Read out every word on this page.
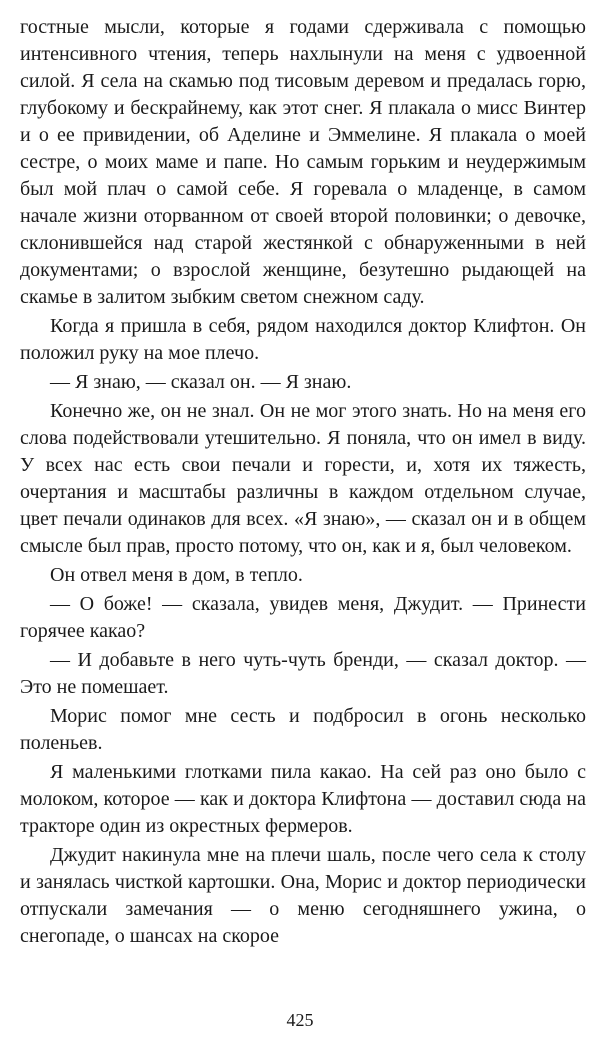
гостные мысли, которые я годами сдерживала с помощью интенсивного чтения, теперь нахлынули на меня с удвоенной силой. Я села на скамью под тисовым деревом и предалась горю, глубокому и бескрайнему, как этот снег. Я плакала о мисс Винтер и о ее привидении, об Аделине и Эммелине. Я плакала о моей сестре, о моих маме и папе. Но самым горьким и неудержимым был мой плач о самой себе. Я горевала о младенце, в самом начале жизни оторванном от своей второй половинки; о девочке, склонившейся над старой жестянкой с обнаруженными в ней документами; о взрослой женщине, безутешно рыдающей на скамье в залитом зыбким светом снежном саду.

Когда я пришла в себя, рядом находился доктор Клифтон. Он положил руку на мое плечо.

— Я знаю, — сказал он. — Я знаю.

Конечно же, он не знал. Он не мог этого знать. Но на меня его слова подействовали утешительно. Я поняла, что он имел в виду. У всех нас есть свои печали и горести, и, хотя их тяжесть, очертания и масштабы различны в каждом отдельном случае, цвет печали одинаков для всех. «Я знаю», — сказал он и в общем смысле был прав, просто потому, что он, как и я, был человеком.

Он отвел меня в дом, в тепло.

— О боже! — сказала, увидев меня, Джудит. — Принести горячее какао?

— И добавьте в него чуть-чуть бренди, — сказал доктор. — Это не помешает.

Морис помог мне сесть и подбросил в огонь несколько поленьев.

Я маленькими глотками пила какао. На сей раз оно было с молоком, которое — как и доктора Клифтона — доставил сюда на тракторе один из окрестных фермеров.

Джудит накинула мне на плечи шаль, после чего села к столу и занялась чисткой картошки. Она, Морис и доктор периодически отпускали замечания — о меню сегодняшнего ужина, о снегопаде, о шансах на скорое

425
